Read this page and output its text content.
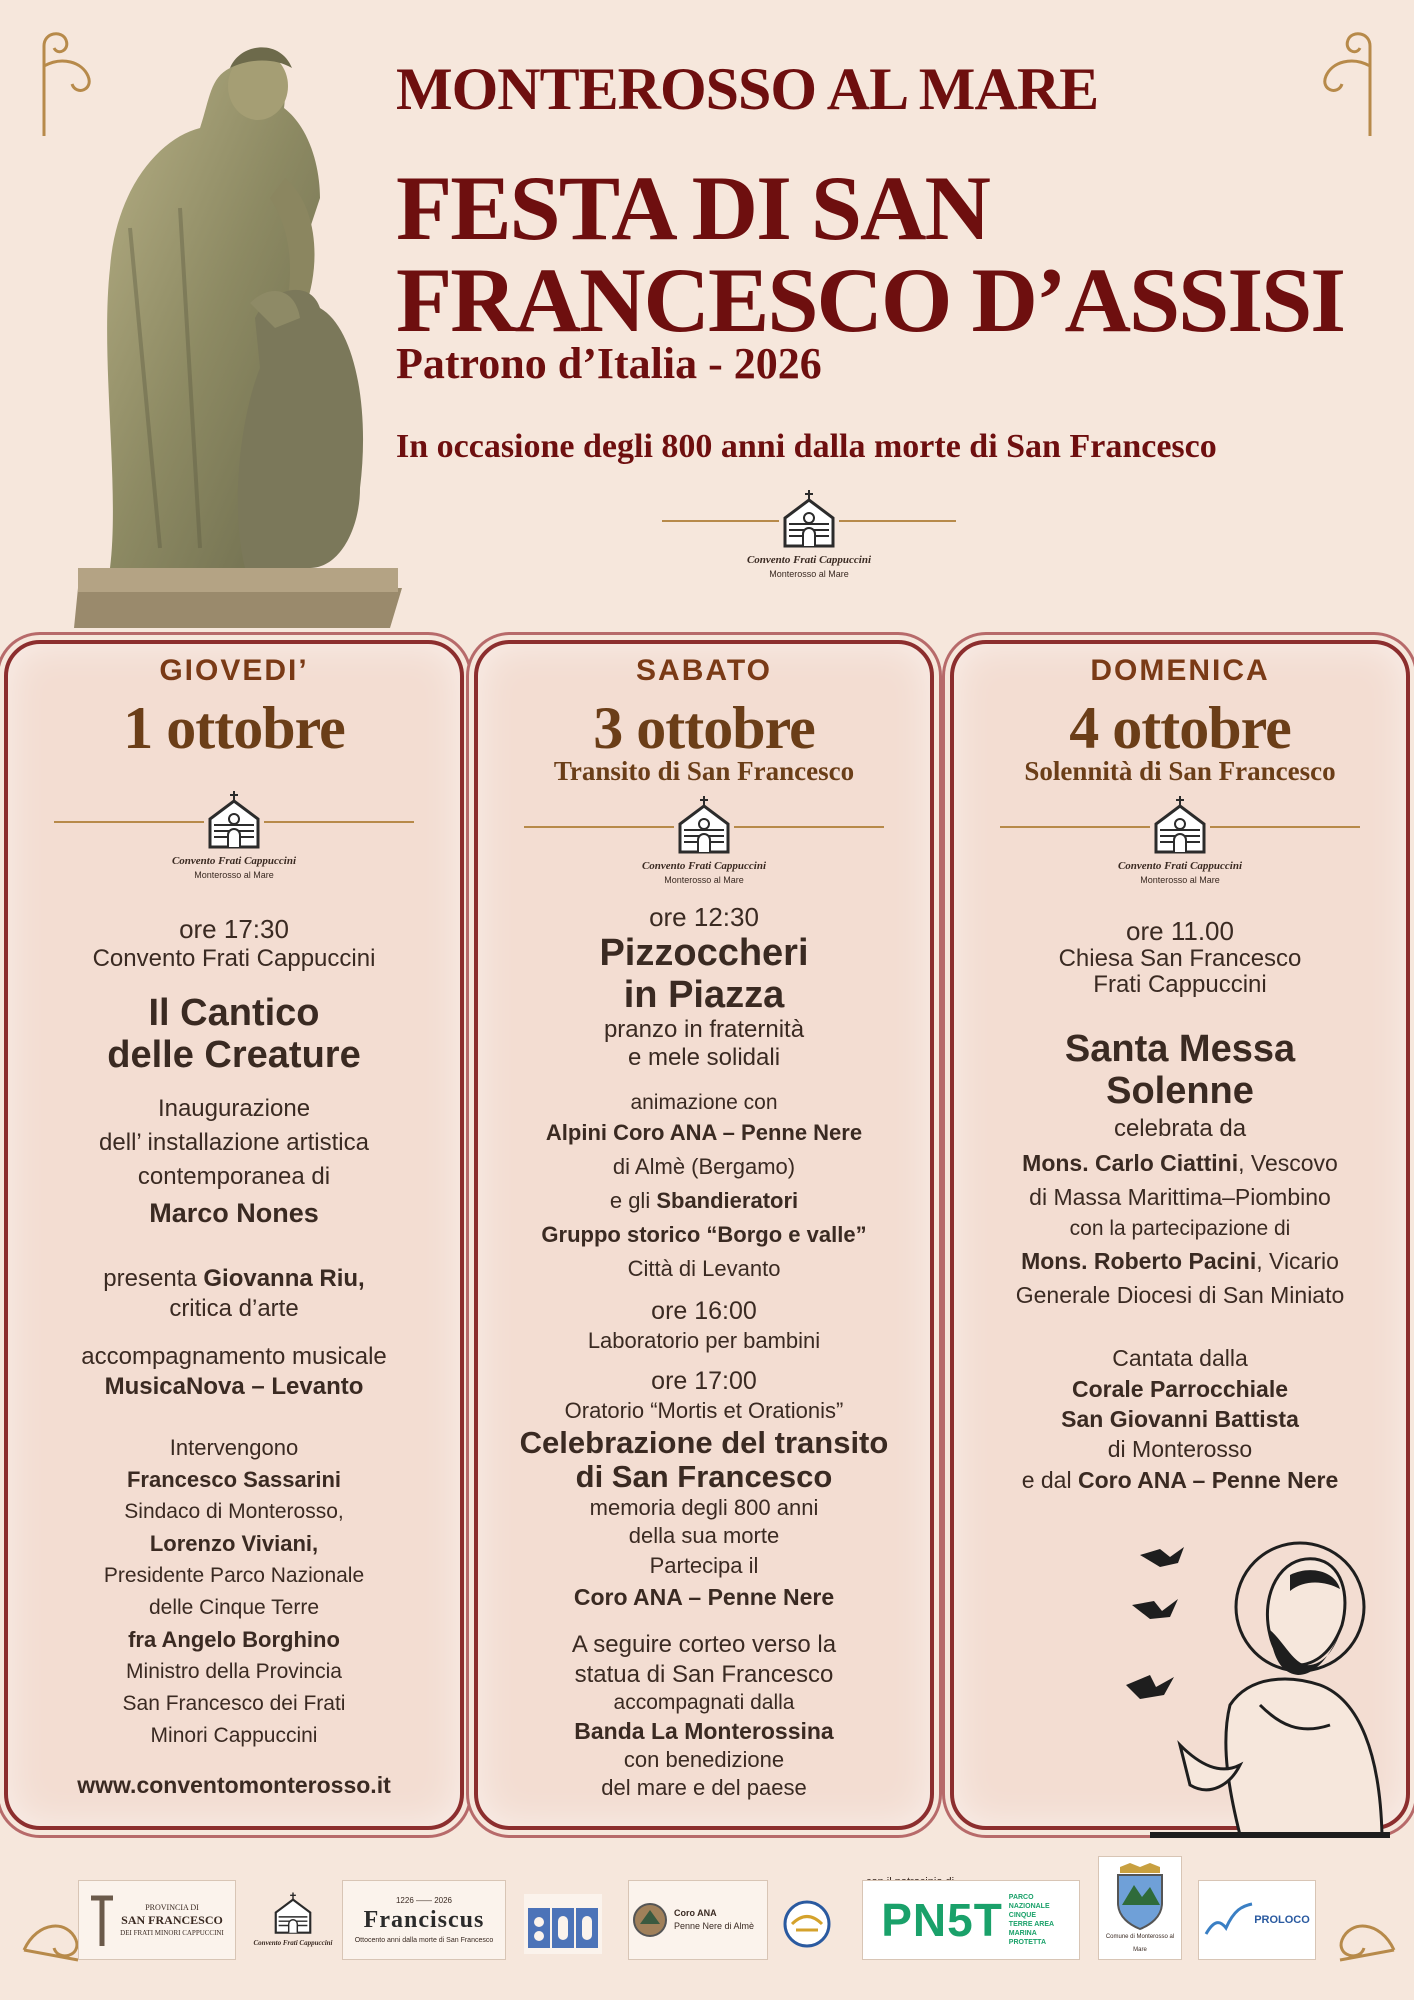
MONTEROSSO AL MARE
FESTA DI SAN
FRANCESCO D’ASSISI
Patrono d’Italia - 2026
In occasione degli 800 anni dalla morte di San Francesco
Convento Frati Cappuccini
Monterosso al Mare
GIOVEDI’
1 ottobre
Convento Frati Cappuccini
Monterosso al Mare
ore 17:30
Convento Frati Cappuccini
Il Cantico
delle Creature
Inaugurazione
dell’ installazione artistica
contemporanea di
Marco Nones
presenta Giovanna Riu,
critica d’arte
accompagnamento musicale
MusicaNova – Levanto
Intervengono
Francesco Sassarini
Sindaco di Monterosso,
Lorenzo Viviani,
Presidente Parco Nazionale
delle Cinque Terre
fra Angelo Borghino
Ministro della Provincia
San Francesco dei Frati
Minori Cappuccini
www.conventomonterosso.it
SABATO
3 ottobre
Transito di San Francesco
Convento Frati Cappuccini
Monterosso al Mare
ore 12:30
Pizzoccheri
in Piazza
pranzo in fraternità
e mele solidali
animazione con
Alpini Coro ANA – Penne Nere
di Almè (Bergamo)
e gli Sbandieratori
Gruppo storico “Borgo e valle”
Città di Levanto
ore 16:00
Laboratorio per bambini
ore 17:00
Oratorio “Mortis et Orationis”
Celebrazione del transito
di San Francesco
memoria degli 800 anni
della sua morte
Partecipa il
Coro ANA – Penne Nere
A seguire corteo verso la
statua di San Francesco
accompagnati dalla
Banda La Monterossina
con benedizione
del mare e del paese
DOMENICA
4 ottobre
Solennità di San Francesco
Convento Frati Cappuccini
Monterosso al Mare
ore 11.00
Chiesa San Francesco
Frati Cappuccini
Santa Messa
Solenne
celebrata da
Mons. Carlo Ciattini, Vescovo
di Massa Marittima–Piombino
con la partecipazione di
Mons. Roberto Pacini, Vicario
Generale Diocesi di San Miniato
Cantata dalla
Corale Parrocchiale
San Giovanni Battista
di Monterosso
e dal Coro ANA – Penne Nere
PROVINCIA DI
SAN FRANCESCO
DEI FRATI MINORI CAPPUCCINI
Convento Frati Cappuccini
1226 —— 2026
Franciscus
Ottocento anni dalla morte di San Francesco
Coro ANA
Penne Nere di Almè	PN5T PARCO NAZIONALE CINQUE TERRE AREA MARINA PROTETTA
Comune di Monterosso al Mare
PROLOCO
